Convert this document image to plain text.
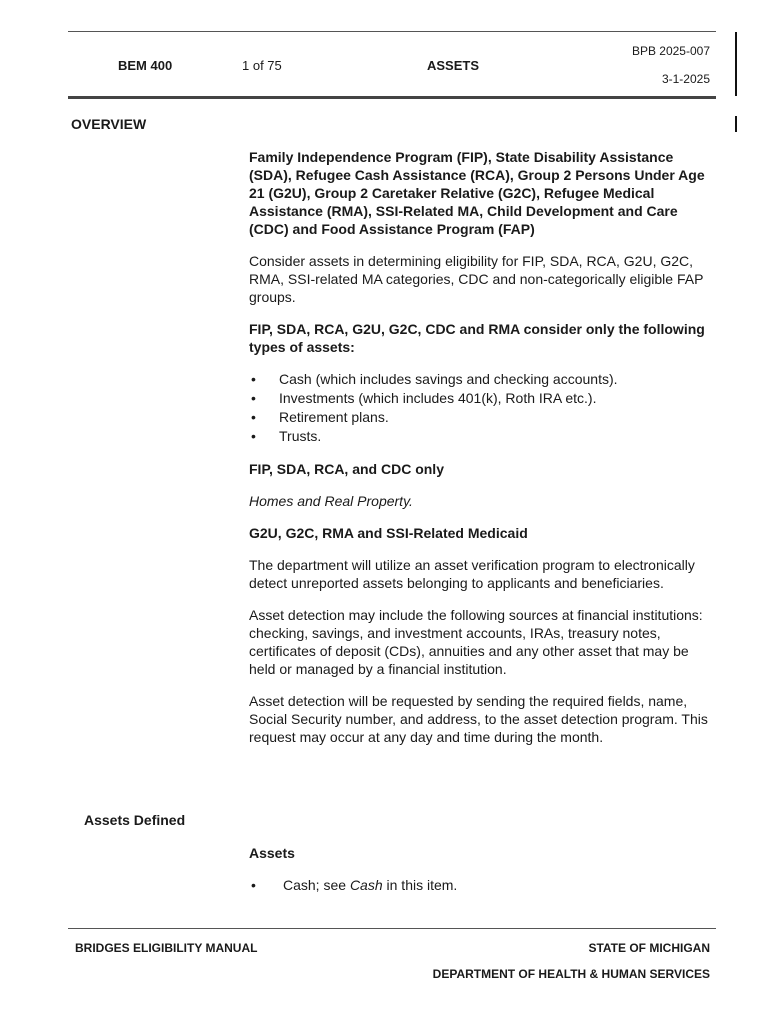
BEM 400	1 of 75	ASSETS
BPB 2025-007
3-1-2025
OVERVIEW
Assets Defined

Family Independence Program (FIP), State Disability Assistance (SDA), Refugee Cash Assistance (RCA), Group 2 Persons Under Age 21 (G2U), Group 2 Caretaker Relative (G2C), Refugee Medical Assistance (RMA), SSI-Related MA, Child Development and Care (CDC) and Food Assistance Program (FAP)

Consider assets in determining eligibility for FIP, SDA, RCA, G2U, G2C, RMA, SSI-related MA categories, CDC and non-categorically eligible FAP groups.

FIP, SDA, RCA, G2U, G2C, CDC and RMA consider only the following types of assets:

• Cash (which includes savings and checking accounts).
• Investments (which includes 401(k), Roth IRA etc.).
• Retirement plans.
• Trusts.

FIP, SDA, RCA, and CDC only

Homes and Real Property.

G2U, G2C, RMA and SSI-Related Medicaid

The department will utilize an asset verification program to electronically detect unreported assets belonging to applicants and beneficiaries.

Asset detection may include the following sources at financial institutions: checking, savings, and investment accounts, IRAs, treasury notes, certificates of deposit (CDs), annuities and any other asset that may be held or managed by a financial institution.

Asset detection will be requested by sending the required fields, name, Social Security number, and address, to the asset detection program. This request may occur at any day and time during the month.

Assets

• Cash; see Cash in this item.
BRIDGES ELIGIBILITY MANUAL	STATE OF MICHIGAN
DEPARTMENT OF HEALTH & HUMAN SERVICES
